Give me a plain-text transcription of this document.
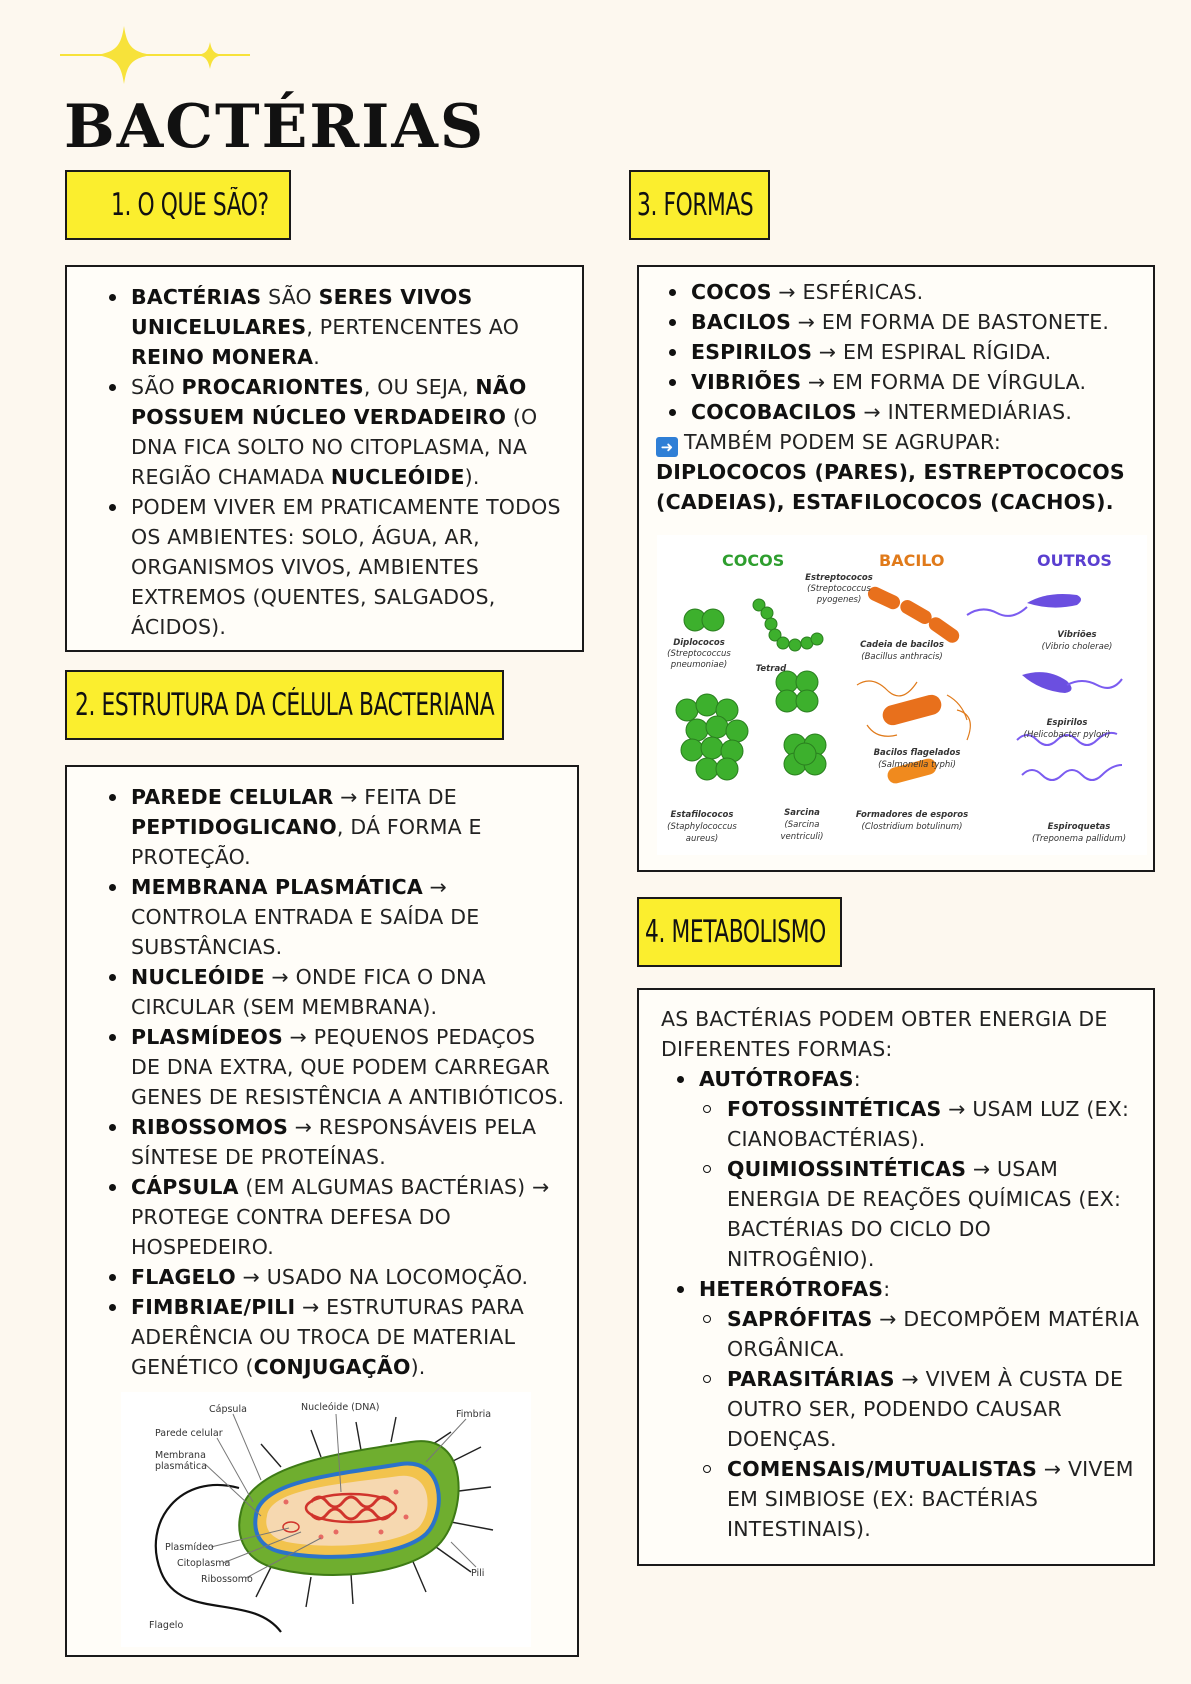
BACTÉRIAS
1. O QUE SÃO?
BACTÉRIAS SÃO SERES VIVOS UNICELULARES, PERTENCENTES AO REINO MONERA.
SÃO PROCARIONTES, OU SEJA, NÃO POSSUEM NÚCLEO VERDADEIRO (O DNA FICA SOLTO NO CITOPLASMA, NA REGIÃO CHAMADA NUCLEÓIDE).
PODEM VIVER EM PRATICAMENTE TODOS OS AMBIENTES: SOLO, ÁGUA, AR, ORGANISMOS VIVOS, AMBIENTES EXTREMOS (QUENTES, SALGADOS, ÁCIDOS).
2. ESTRUTURA DA CÉLULA BACTERIANA
PAREDE CELULAR → FEITA DE PEPTIDOGLICANO, DÁ FORMA E PROTEÇÃO.
MEMBRANA PLASMÁTICA → CONTROLA ENTRADA E SAÍDA DE SUBSTÂNCIAS.
NUCLEÓIDE → ONDE FICA O DNA CIRCULAR (SEM MEMBRANA).
PLASMÍDEOS → PEQUENOS PEDAÇOS DE DNA EXTRA, QUE PODEM CARREGAR GENES DE RESISTÊNCIA A ANTIBIÓTICOS.
RIBOSSOMOS → RESPONSÁVEIS PELA SÍNTESE DE PROTEÍNAS.
CÁPSULA (EM ALGUMAS BACTÉRIAS) → PROTEGE CONTRA DEFESA DO HOSPEDEIRO.
FLAGELO → USADO NA LOCOMOÇÃO.
FIMBRIAE/PILI → ESTRUTURAS PARA ADERÊNCIA OU TROCA DE MATERIAL GENÉTICO (CONJUGAÇÃO).
Cápsula	Nucleóide (DNA)
Fimbria
Parede celular
Membrana
plasmática
Plasmídeo
Citoplasma
Ribossomo
Pili
Flagelo
3. FORMAS
COCOS → ESFÉRICAS.
BACILOS → EM FORMA DE BASTONETE.
ESPIRILOS → EM ESPIRAL RÍGIDA.
VIBRIÕES → EM FORMA DE VÍRGULA.
COCOBACILOS → INTERMEDIÁRIAS.
➜ TAMBÉM PODEM SE AGRUPAR:
DIPLOCOCOS (PARES), ESTREPTOCOCOS (CADEIAS), ESTAFILOCOCOS (CACHOS).
COCOS	BACILO	OUTROS
Estreptococos
(Streptococcus
pyogenes)
Diplococos
(Streptococcus
pneumoniae)	Tetrad
Cadeia de bacilos
(Bacillus anthracis)
Vibriões
(Vibrio cholerae)
Bacilos flagelados
(Salmonella typhi)
Espirilos
(Helicobacter pylori)
Estafilococos
(Staphylococcus
aureus)
Sarcina
(Sarcina
ventriculi)
Formadores de esporos
(Clostridium botulinum)	Espiroquetas
(Treponema pallidum)
4. METABOLISMO
AS BACTÉRIAS PODEM OBTER ENERGIA DE DIFERENTES FORMAS:
AUTÓTROFAS:
FOTOSSINTÉTICAS → USAM LUZ (EX: CIANOBACTÉRIAS).
QUIMIOSSINTÉTICAS → USAM ENERGIA DE REAÇÕES QUÍMICAS (EX: BACTÉRIAS DO CICLO DO NITROGÊNIO).
HETERÓTROFAS:
SAPRÓFITAS → DECOMPÕEM MATÉRIA ORGÂNICA.
PARASITÁRIAS → VIVEM À CUSTA DE OUTRO SER, PODENDO CAUSAR DOENÇAS.
COMENSAIS/MUTUALISTAS → VIVEM EM SIMBIOSE (EX: BACTÉRIAS INTESTINAIS).
